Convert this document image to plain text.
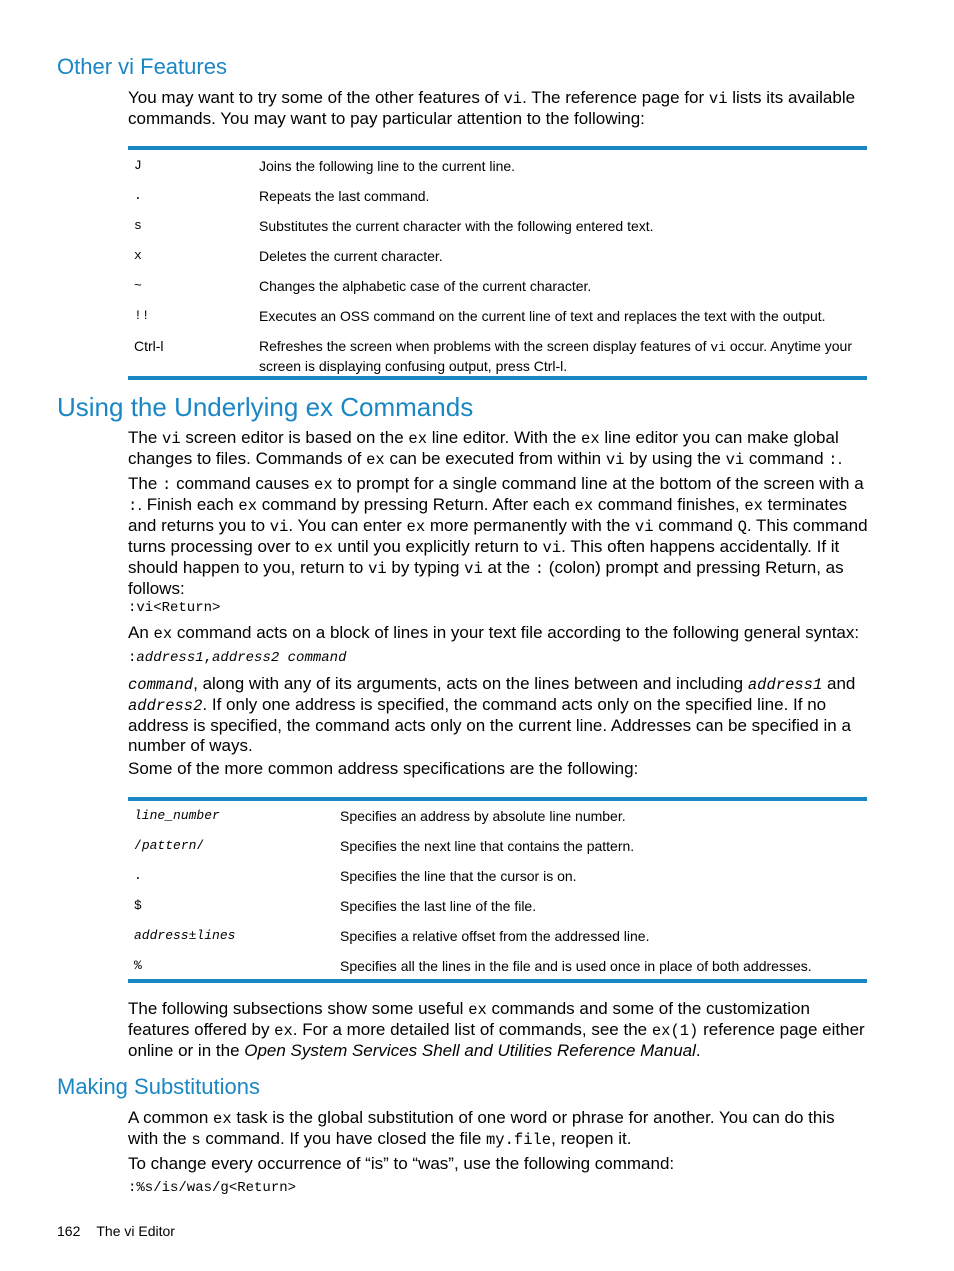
Other vi Features

You may want to try some of the other features of vi. The reference page for vi lists its available commands. You may want to pay particular attention to the following:

J	Joins the following line to the current line.
.	Repeats the last command.
s	Substitutes the current character with the following entered text.
x	Deletes the current character.
~	Changes the alphabetic case of the current character.
!!	Executes an OSS command on the current line of text and replaces the text with the output.
Ctrl-l	Refreshes the screen when problems with the screen display features of vi occur. Anytime your screen is displaying confusing output, press Ctrl-l.
Using the Underlying ex Commands

The vi screen editor is based on the ex line editor. With the ex line editor you can make global changes to files. Commands of ex can be executed from within vi by using the vi command :.

The : command causes ex to prompt for a single command line at the bottom of the screen with a :. Finish each ex command by pressing Return. After each ex command finishes, ex terminates and returns you to vi. You can enter ex more permanently with the vi command Q. This command turns processing over to ex until you explicitly return to vi. This often happens accidentally. If it should happen to you, return to vi by typing vi at the : (colon) prompt and pressing Return, as follows:

:vi<Return>

An ex command acts on a block of lines in your text file according to the following general syntax:

:address1,address2 command

command, along with any of its arguments, acts on the lines between and including address1 and address2. If only one address is specified, the command acts only on the specified line. If no address is specified, the command acts only on the current line. Addresses can be specified in a number of ways.

Some of the more common address specifications are the following:

line_number	Specifies an address by absolute line number.
/pattern/	Specifies the next line that contains the pattern.
.	Specifies the line that the cursor is on.
$	Specifies the last line of the file.
address±lines	Specifies a relative offset from the addressed line.
%	Specifies all the lines in the file and is used once in place of both addresses.

The following subsections show some useful ex commands and some of the customization features offered by ex. For a more detailed list of commands, see the ex(1) reference page either online or in the Open System Services Shell and Utilities Reference Manual.

Making Substitutions

A common ex task is the global substitution of one word or phrase for another. You can do this with the s command. If you have closed the file my.file, reopen it.

To change every occurrence of “is” to “was”, use the following command:

:%s/is/was/g<Return>
162 The vi Editor
